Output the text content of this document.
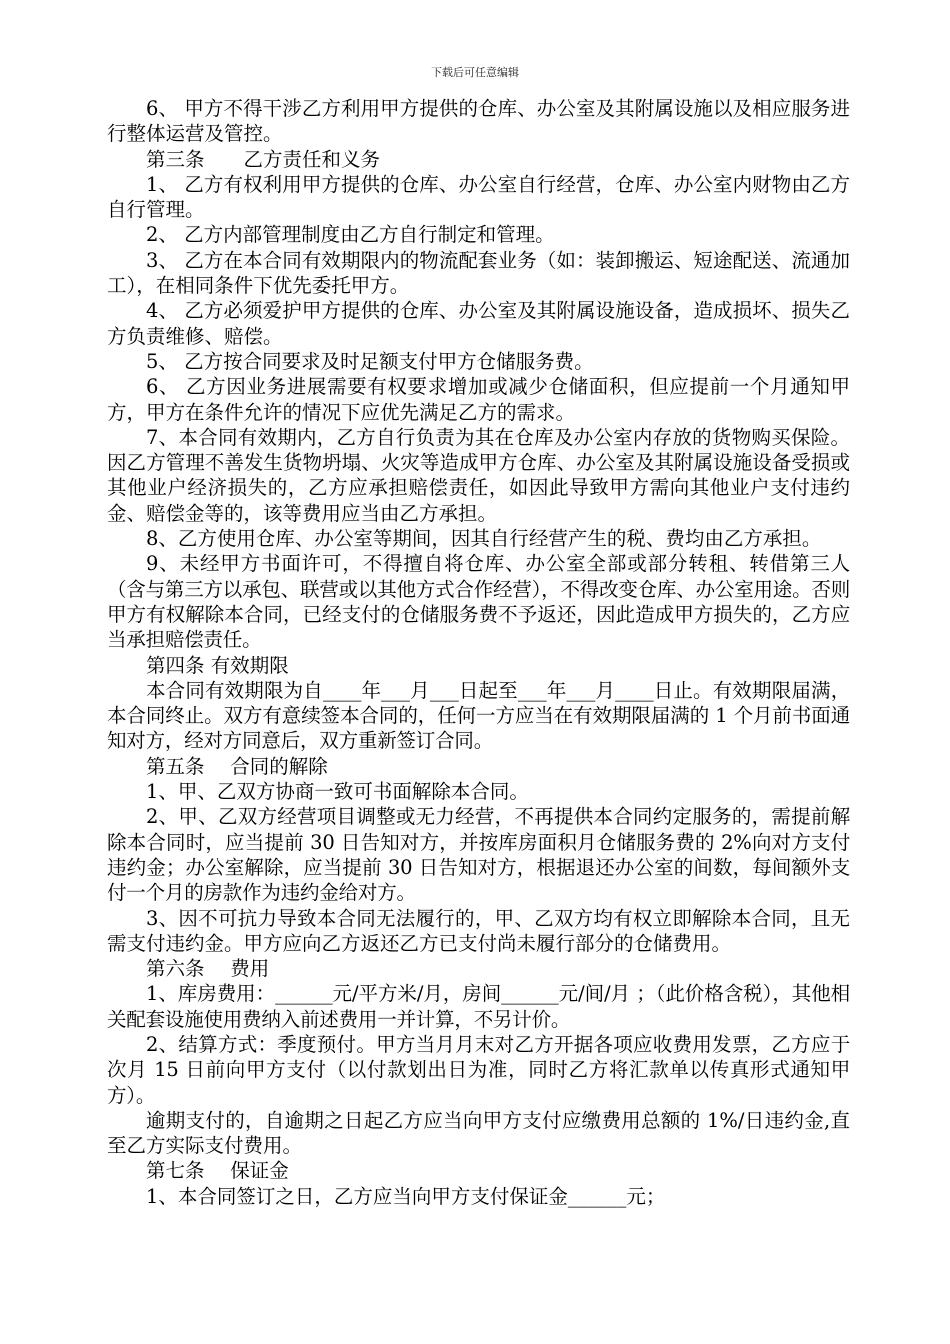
下载后可任意编辑

6、 甲方不得干涉乙方利用甲方提供的仓库、办公室及其附属设施以及相应服务进行整体运营及管控。

第三条　　乙方责任和义务

1、 乙方有权利用甲方提供的仓库、办公室自行经营，仓库、办公室内财物由乙方自行管理。

2、 乙方内部管理制度由乙方自行制定和管理。

3、 乙方在本合同有效期限内的物流配套业务（如：装卸搬运、短途配送、流通加工），在相同条件下优先委托甲方。

4、 乙方必须爱护甲方提供的仓库、办公室及其附属设施设备，造成损坏、损失乙方负责维修、赔偿。

5、 乙方按合同要求及时足额支付甲方仓储服务费。

6、 乙方因业务进展需要有权要求增加或减少仓储面积，但应提前一个月通知甲方，甲方在条件允许的情况下应优先满足乙方的需求。

7、本合同有效期内，乙方自行负责为其在仓库及办公室内存放的货物购买保险。因乙方管理不善发生货物坍塌、火灾等造成甲方仓库、办公室及其附属设施设备受损或其他业户经济损失的，乙方应承担赔偿责任，如因此导致甲方需向其他业户支付违约金、赔偿金等的，该等费用应当由乙方承担。

8、乙方使用仓库、办公室等期间，因其自行经营产生的税、费均由乙方承担。

9、未经甲方书面许可，不得擅自将仓库、办公室全部或部分转租、转借第三人（含与第三方以承包、联营或以其他方式合作经营），不得改变仓库、办公室用途。否则甲方有权解除本合同，已经支付的仓储服务费不予返还，因此造成甲方损失的，乙方应当承担赔偿责任。

第四条 有效期限

本合同有效期限为自____年___月___日起至___年___月____日止。有效期限届满，本合同终止。双方有意续签本合同的，任何一方应当在有效期限届满的 1 个月前书面通知对方，经对方同意后，双方重新签订合同。

第五条　 合同的解除

1、甲、乙双方协商一致可书面解除本合同。

2、甲、乙双方经营项目调整或无力经营，不再提供本合同约定服务的，需提前解除本合同时，应当提前 30 日告知对方，并按库房面积月仓储服务费的 2%向对方支付违约金；办公室解除，应当提前 30 日告知对方，根据退还办公室的间数，每间额外支付一个月的房款作为违约金给对方。

3、因不可抗力导致本合同无法履行的，甲、乙双方均有权立即解除本合同，且无需支付违约金。甲方应向乙方返还乙方已支付尚未履行部分的仓储费用。

第六条　 费用

1、库房费用：______元/平方米/月，房间______元/间/月 ；（此价格含税），其他相关配套设施使用费纳入前述费用一并计算，不另计价。

2、结算方式：季度预付。甲方当月月末对乙方开据各项应收费用发票，乙方应于次月 15 日前向甲方支付（以付款划出日为准，同时乙方将汇款单以传真形式通知甲方）。

逾期支付的，自逾期之日起乙方应当向甲方支付应缴费用总额的 1%/日违约金,直至乙方实际支付费用。

第七条　 保证金

1、本合同签订之日，乙方应当向甲方支付保证金______元；
